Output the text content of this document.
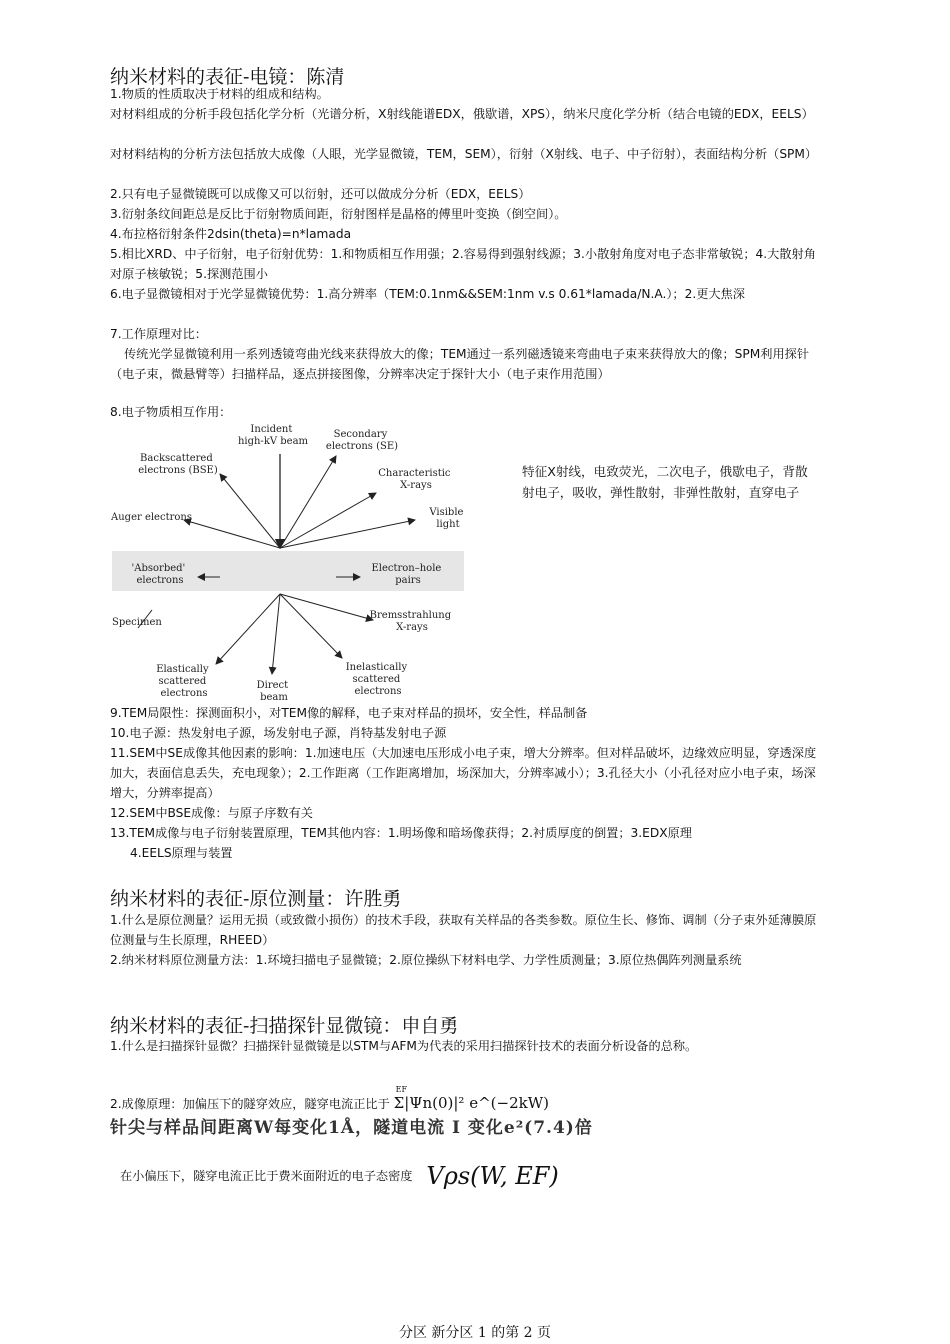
纳米材料的表征-电镜：陈清

1.物质的性质取决于材料的组成和结构。

对材料组成的分析手段包括化学分析（光谱分析，X射线能谱EDX，俄歇谱，XPS），纳米尺度化学分析（结合电镜的EDX，EELS）

对材料结构的分析方法包括放大成像（人眼，光学显微镜，TEM，SEM），衍射（X射线、电子、中子衍射），表面结构分析（SPM）

2.只有电子显微镜既可以成像又可以衍射，还可以做成分分析（EDX，EELS）

3.衍射条纹间距总是反比于衍射物质间距，衍射图样是晶格的傅里叶变换（倒空间）。

4.布拉格衍射条件2dsin(theta)=n*lamada

5.相比XRD、中子衍射，电子衍射优势：1.和物质相互作用强；2.容易得到强射线源；3.小散射角度对电子态非常敏锐；4.大散射角对原子核敏锐；5.探测范围小

6.电子显微镜相对于光学显微镜优势：1.高分辨率（TEM:0.1nm&&SEM:1nm v.s 0.61*lamada/N.A.）；2.更大焦深

7.工作原理对比：

传统光学显微镜利用一系列透镜弯曲光线来获得放大的像；TEM通过一系列磁透镜来弯曲电子束来获得放大的像；SPM利用探针（电子束，微悬臂等）扫描样品，逐点拼接图像，分辨率决定于探针大小（电子束作用范围）

8.电子物质相互作用：

Incident high-kV beam
Secondary electrons (SE)
Backscattered electrons (BSE)	Characteristic X-rays
Auger electrons	Visible light
'Absorbed' electrons
Electron–hole pairs
Specimen
Bremsstrahlung X-rays
Elastically scattered electrons
Direct beam
Inelastically scattered electrons
特征X射线，电致荧光，二次电子，俄歇电子，背散射电子，吸收，弹性散射，非弹性散射，直穿电子

9.TEM局限性：探测面积小，对TEM像的解释，电子束对样品的损坏，安全性，样品制备

10.电子源：热发射电子源，场发射电子源，肖特基发射电子源

11.SEM中SE成像其他因素的影响：1.加速电压（大加速电压形成小电子束，增大分辨率。但对样品破坏，边缘效应明显，穿透深度加大，表面信息丢失，充电现象）；2.工作距离（工作距离增加，场深加大，分辨率减小）；3.孔径大小（小孔径对应小电子束，场深增大，分辨率提高）

12.SEM中BSE成像：与原子序数有关

13.TEM成像与电子衍射装置原理，TEM其他内容：1.明场像和暗场像获得；2.衬质厚度的倒置；3.EDX原理

4.EELS原理与装置

纳米材料的表征-原位测量：许胜勇

1.什么是原位测量？运用无损（或致微小损伤）的技术手段，获取有关样品的各类参数。原位生长、修饰、调制（分子束外延薄膜原位测量与生长原理，RHEED）

2.纳米材料原位测量方法：1.环境扫描电子显微镜；2.原位操纵下材料电学、力学性质测量；3.原位热偶阵列测量系统

纳米材料的表征-扫描探针显微镜：申自勇

1.什么是扫描探针显微？扫描探针显微镜是以STM与AFM为代表的采用扫描探针技术的表面分析设备的总称。

2.成像原理：加偏压下的隧穿效应，隧穿电流正比于
EF
Σ|Ψn(0)|² e^(−2kW)
针尖与样品间距离W每变化1Å，隧道电流 I 变化e²(7.4)倍
在小偏压下，隧穿电流正比于费米面附近的电子态密度 Vρs(W, EF)
分区 新分区 1 的第 2 页
